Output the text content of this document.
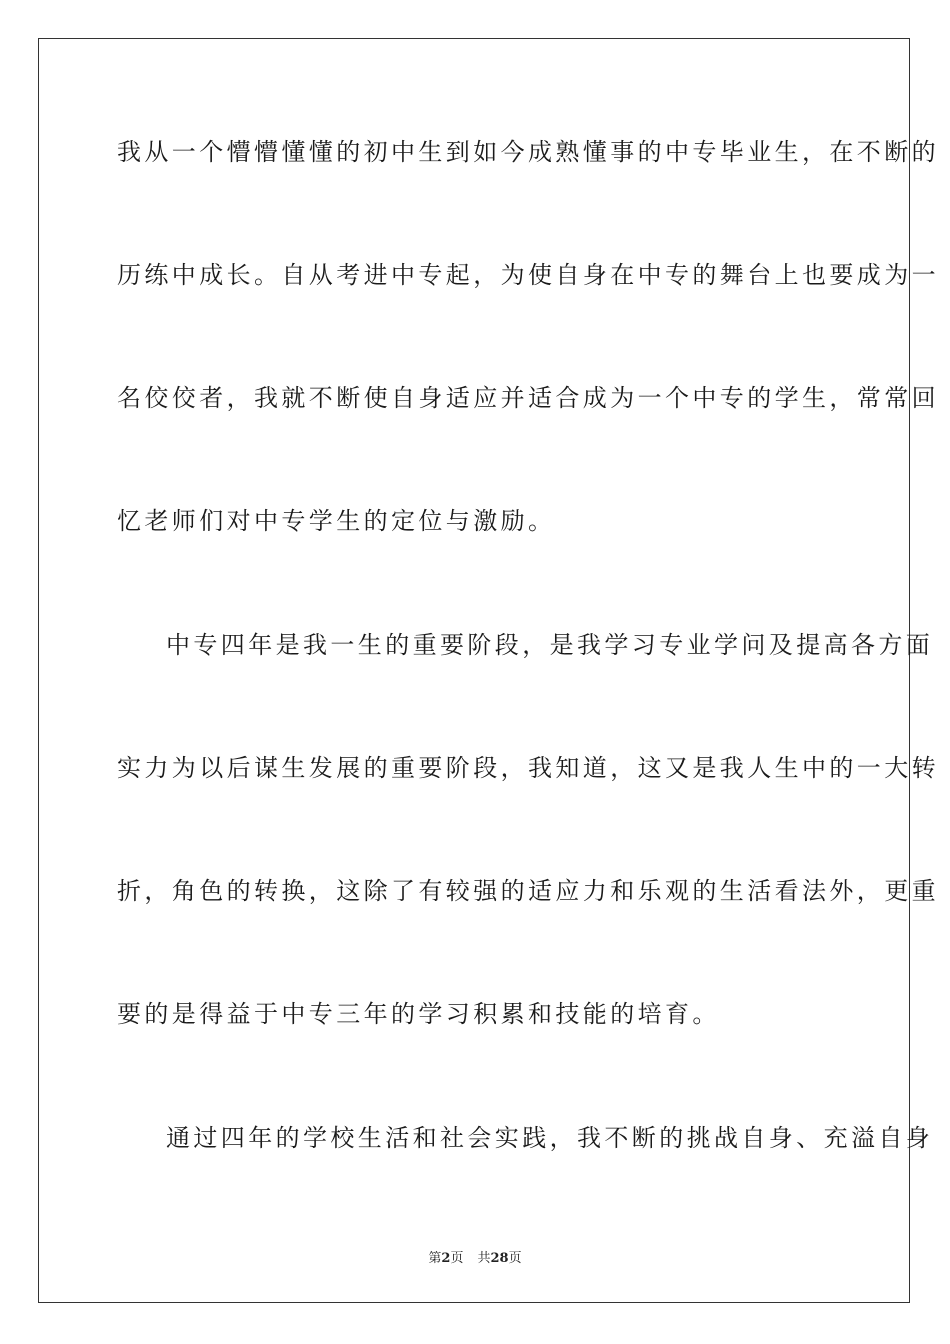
我从一个懵懵懂懂的初中生到如今成熟懂事的中专毕业生，在不断的
历练中成长。自从考进中专起，为使自身在中专的舞台上也要成为一
名佼佼者，我就不断使自身适应并适合成为一个中专的学生，常常回
忆老师们对中专学生的定位与激励。
中专四年是我一生的重要阶段，是我学习专业学问及提高各方面
实力为以后谋生发展的重要阶段，我知道，这又是我人生中的一大转
折，角色的转换，这除了有较强的适应力和乐观的生活看法外，更重
要的是得益于中专三年的学习积累和技能的培育。
通过四年的学校生活和社会实践，我不断的挑战自身、充溢自身
第2页 共28页
